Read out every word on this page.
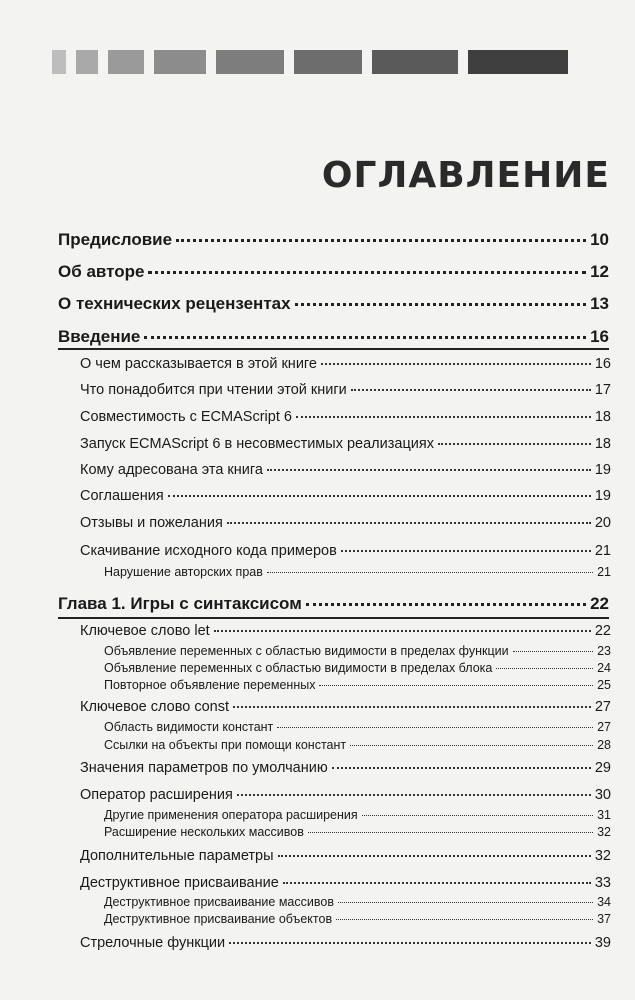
ОГЛАВЛЕНИЕ
Предисловие	10
Об авторе	12
О технических рецензентах	13
Введение	16
О чем рассказывается в этой книге	16
Что понадобится при чтении этой книги	17
Совместимость с ECMAScript 6	18
Запуск ECMAScript 6 в несовместимых реализациях	18
Кому адресована эта книга	19
Соглашения	19
Отзывы и пожелания	20
Скачивание исходного кода примеров	21
Нарушение авторских прав	21
Глава 1. Игры с синтаксисом	22
Ключевое слово let	22
Объявление переменных с областью видимости в пределах функции	23
Объявление переменных с областью видимости в пределах блока	24
Повторное объявление переменных	25
Ключевое слово const	27
Область видимости констант	27
Ссылки на объекты при помощи констант	28
Значения параметров по умолчанию	29
Оператор расширения	30
Другие применения оператора расширения	31
Расширение нескольких массивов	32
Дополнительные параметры	32
Деструктивное присваивание	33
Деструктивное присваивание массивов	34
Деструктивное присваивание объектов	37
Стрелочные функции	39
